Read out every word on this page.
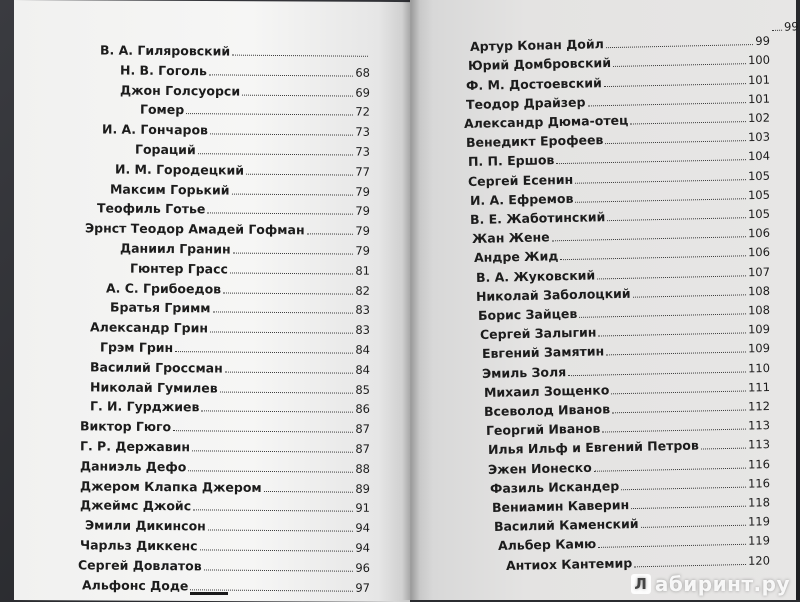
В. А. Гиляровский
Н. В. Гоголь	68
Джон Голсуорси	69
Гомер	72
И. А. Гончаров	73
Гораций	73
И. М. Городецкий	77
Максим Горький	79
Теофиль Готье	79
Эрнст Теодор Амадей Гофман	79
Даниил Гранин	79
Гюнтер Грасс	81
А. С. Грибоедов	82
Братья Гримм	83
Александр Грин	83
Грэм Грин	84
Василий Гроссман	84
Николай Гумилев	85
Г. И. Гурджиев	86
Виктор Гюго	87
Г. Р. Державин	87
Даниэль Дефо	88
Джером Клапка Джером	89
Джеймс Джойс	91
Эмили Дикинсон	94
Чарльз Диккенс	94
Сергей Довлатов	96
Альфонс Доде	97
99
Артур Конан Дойл	99
Юрий Домбровский	100
Ф. М. Достоевский	101
Теодор Драйзер	101
Александр Дюма-отец	102
Венедикт Ерофеев	103
П. П. Ершов	104
Сергей Есенин	105
И. А. Ефремов	105
В. Е. Жаботинский	105
Жан Жене	106
Андре Жид	106
В. А. Жуковский	107
Николай Заболоцкий	108
Борис Зайцев	108
Сергей Залыгин	109
Евгений Замятин	109
Эмиль Золя	110
Михаил Зощенко	111
Всеволод Иванов	112
Георгий Иванов	113
Илья Ильф и Евгений Петров	113
Эжен Ионеско	116
Фазиль Искандер	116
Вениамин Каверин	118
Василий Каменский	119
Альбер Камю	119
Антиох Кантемир	120
Л абиринт.ру
